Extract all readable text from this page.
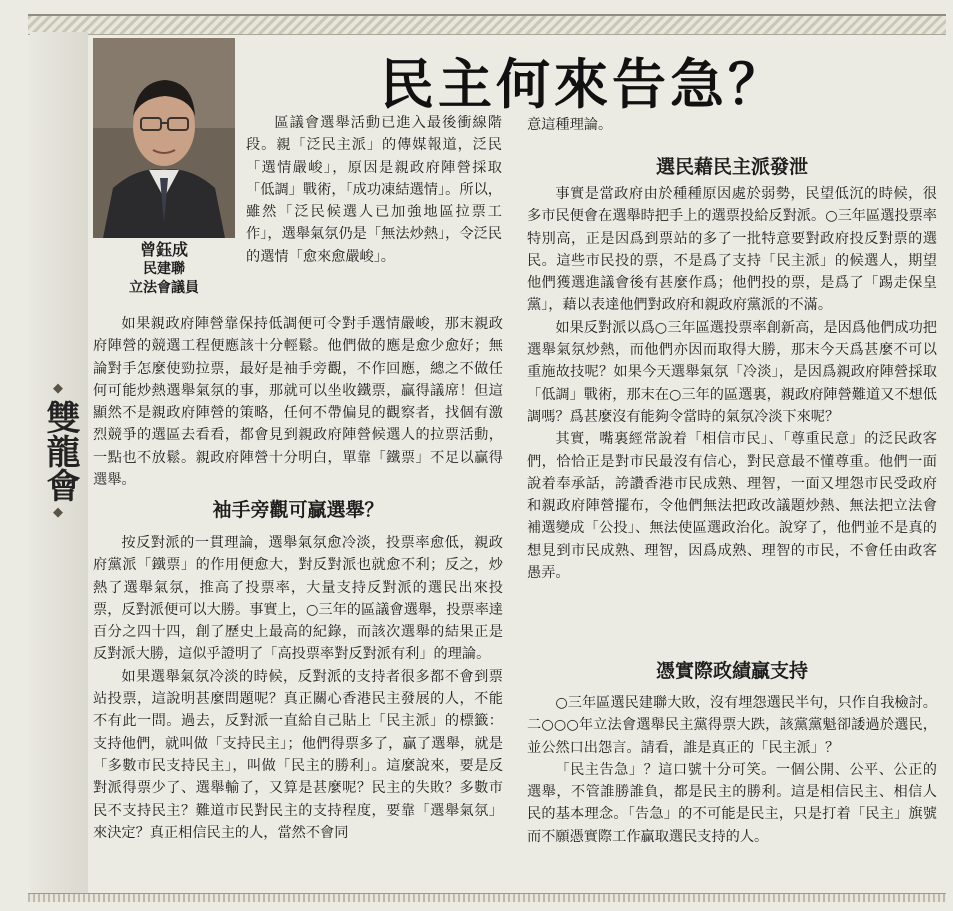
◆
雙龍會
◆
曾鈺成
民建聯
立法會議員
民主何來告急？

區議會選舉活動已進入最後衝線階段。親「泛民主派」的傳媒報道，泛民「選情嚴峻」，原因是親政府陣營採取「低調」戰術，「成功凍結選情」。所以，雖然「泛民候選人已加強地區拉票工作」，選舉氣氛仍是「無法炒熱」，令泛民的選情「愈來愈嚴峻」。

如果親政府陣營靠保持低調便可令對手選情嚴峻，那末親政府陣營的競選工程便應該十分輕鬆。他們做的應是愈少愈好；無論對手怎麼使勁拉票，最好是袖手旁觀，不作回應，總之不做任何可能炒熱選舉氣氛的事，那就可以坐收鐵票，贏得議席！但這顯然不是親政府陣營的策略，任何不帶偏見的觀察者，找個有激烈競爭的選區去看看，都會見到親政府陣營候選人的拉票活動，一點也不放鬆。親政府陣營十分明白，單靠「鐵票」不足以贏得選舉。

袖手旁觀可贏選舉？

按反對派的一貫理論，選舉氣氛愈冷淡，投票率愈低，親政府黨派「鐵票」的作用便愈大，對反對派也就愈不利；反之，炒熱了選舉氣氛，推高了投票率，大量支持反對派的選民出來投票，反對派便可以大勝。事實上，○三年的區議會選舉，投票率達百分之四十四，創了歷史上最高的紀錄，而該次選舉的結果正是反對派大勝，這似乎證明了「高投票率對反對派有利」的理論。

如果選舉氣氛冷淡的時候，反對派的支持者很多都不會到票站投票，這說明甚麼問題呢？真正關心香港民主發展的人，不能不有此一問。過去，反對派一直給自己貼上「民主派」的標籤：支持他們，就叫做「支持民主」；他們得票多了，贏了選舉，就是「多數市民支持民主」，叫做「民主的勝利」。這麼說來，要是反對派得票少了、選舉輸了，又算是甚麼呢？民主的失敗？多數市民不支持民主？難道市民對民主的支持程度，要靠「選舉氣氛」來決定？真正相信民主的人，當然不會同

意這種理論。

選民藉民主派發泄

事實是當政府由於種種原因處於弱勢，民望低沉的時候，很多市民便會在選舉時把手上的選票投給反對派。○三年區選投票率特別高，正是因爲到票站的多了一批特意要對政府投反對票的選民。這些市民投的票，不是爲了支持「民主派」的候選人，期望他們獲選進議會後有甚麼作爲；他們投的票，是爲了「踢走保皇黨」，藉以表達他們對政府和親政府黨派的不滿。

如果反對派以爲○三年區選投票率創新高，是因爲他們成功把選舉氣氛炒熱，而他們亦因而取得大勝，那末今天爲甚麼不可以重施故技呢？如果今天選舉氣氛「冷淡」，是因爲親政府陣營採取「低調」戰術，那末在○三年的區選裏，親政府陣營難道又不想低調嗎？爲甚麼沒有能夠令當時的氣氛冷淡下來呢？

其實，嘴裏經常說着「相信市民」、「尊重民意」的泛民政客們，恰恰正是對市民最沒有信心，對民意最不懂尊重。他們一面說着奉承話，誇讚香港市民成熟、理智，一面又埋怨市民受政府和親政府陣營擺布，令他們無法把政改議題炒熱、無法把立法會補選變成「公投」、無法使區選政治化。說穿了，他們並不是真的想見到市民成熟、理智，因爲成熟、理智的市民，不會任由政客愚弄。

憑實際政績贏支持

○三年區選民建聯大敗，沒有埋怨選民半句，只作自我檢討。二○○○年立法會選舉民主黨得票大跌，該黨黨魁卻諉過於選民，並公然口出怨言。請看，誰是真正的「民主派」？

「民主告急」？這口號十分可笑。一個公開、公平、公正的選舉，不管誰勝誰負，都是民主的勝利。這是相信民主、相信人民的基本理念。「告急」的不可能是民主，只是打着「民主」旗號而不願憑實際工作贏取選民支持的人。
